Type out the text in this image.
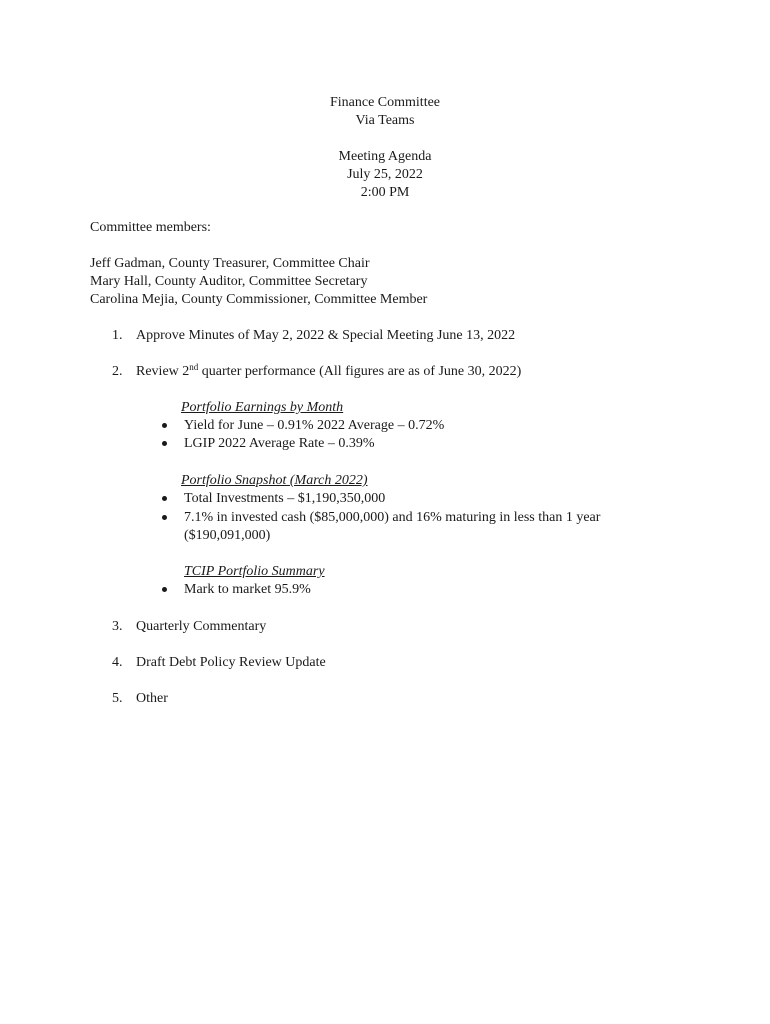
Finance Committee
Via Teams
Meeting Agenda
July 25, 2022
2:00 PM
Committee members:
Jeff Gadman, County Treasurer, Committee Chair
Mary Hall, County Auditor, Committee Secretary
Carolina Mejia, County Commissioner, Committee Member
1. Approve Minutes of May 2, 2022 & Special Meeting June 13, 2022
2. Review 2nd quarter performance (All figures are as of June 30, 2022)
Portfolio Earnings by Month
Yield for June – 0.91% 2022 Average – 0.72%
LGIP 2022 Average Rate – 0.39%
Portfolio Snapshot (March 2022)
Total Investments – $1,190,350,000
7.1% in invested cash ($85,000,000) and 16% maturing in less than 1 year
($190,091,000)
TCIP Portfolio Summary
Mark to market 95.9%
3. Quarterly Commentary
4. Draft Debt Policy Review Update
5. Other
